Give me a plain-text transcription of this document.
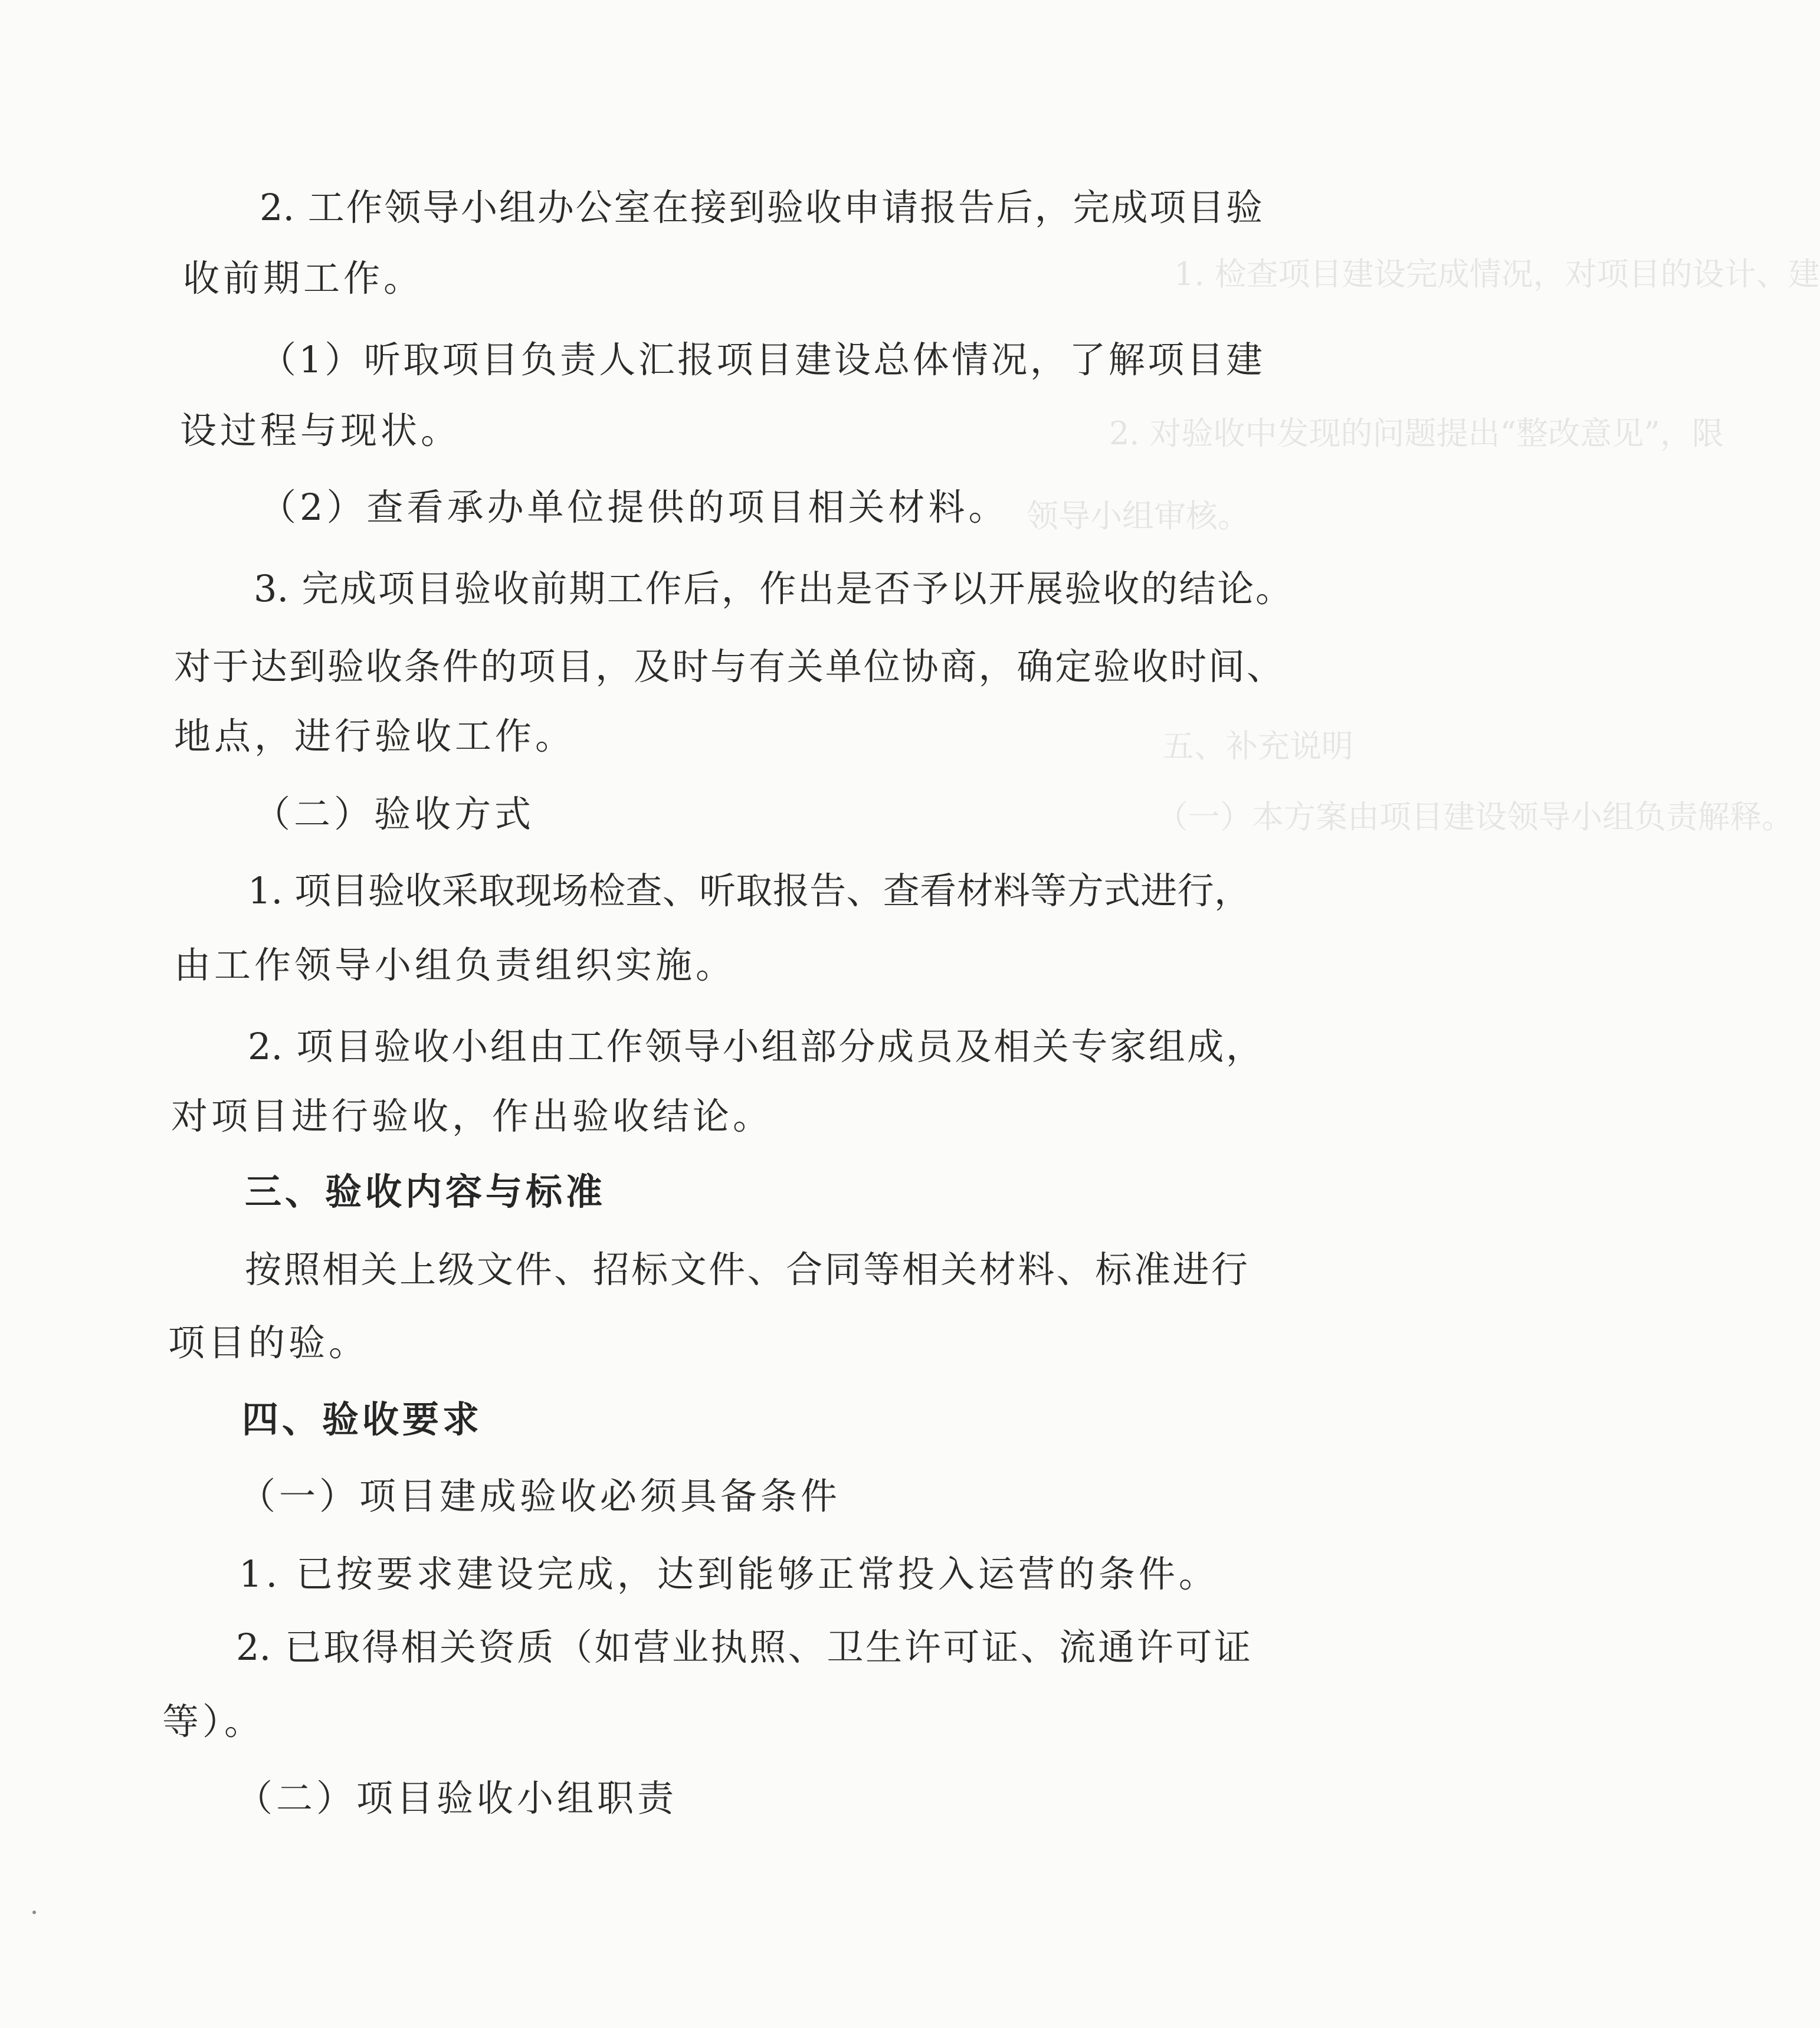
1. 检查项目建设完成情况，对项目的设计、建
2. 对验收中发现的问题提出“整改意见”，限
领导小组审核。
五、补充说明
（一）本方案由项目建设领导小组负责解释。
2. 工作领导小组办公室在接到验收申请报告后，完成项目验
收前期工作。
（1）听取项目负责人汇报项目建设总体情况，了解项目建
设过程与现状。
（2）查看承办单位提供的项目相关材料。
3. 完成项目验收前期工作后，作出是否予以开展验收的结论。
对于达到验收条件的项目，及时与有关单位协商，确定验收时间、
地点，进行验收工作。
（二）验收方式
1. 项目验收采取现场检查、听取报告、查看材料等方式进行，
由工作领导小组负责组织实施。
2. 项目验收小组由工作领导小组部分成员及相关专家组成，
对项目进行验收，作出验收结论。
三、验收内容与标准
按照相关上级文件、招标文件、合同等相关材料、标准进行
项目的验。
四、验收要求
（一）项目建成验收必须具备条件
1. 已按要求建设完成，达到能够正常投入运营的条件。
2. 已取得相关资质（如营业执照、卫生许可证、流通许可证
等）。
（二）项目验收小组职责
